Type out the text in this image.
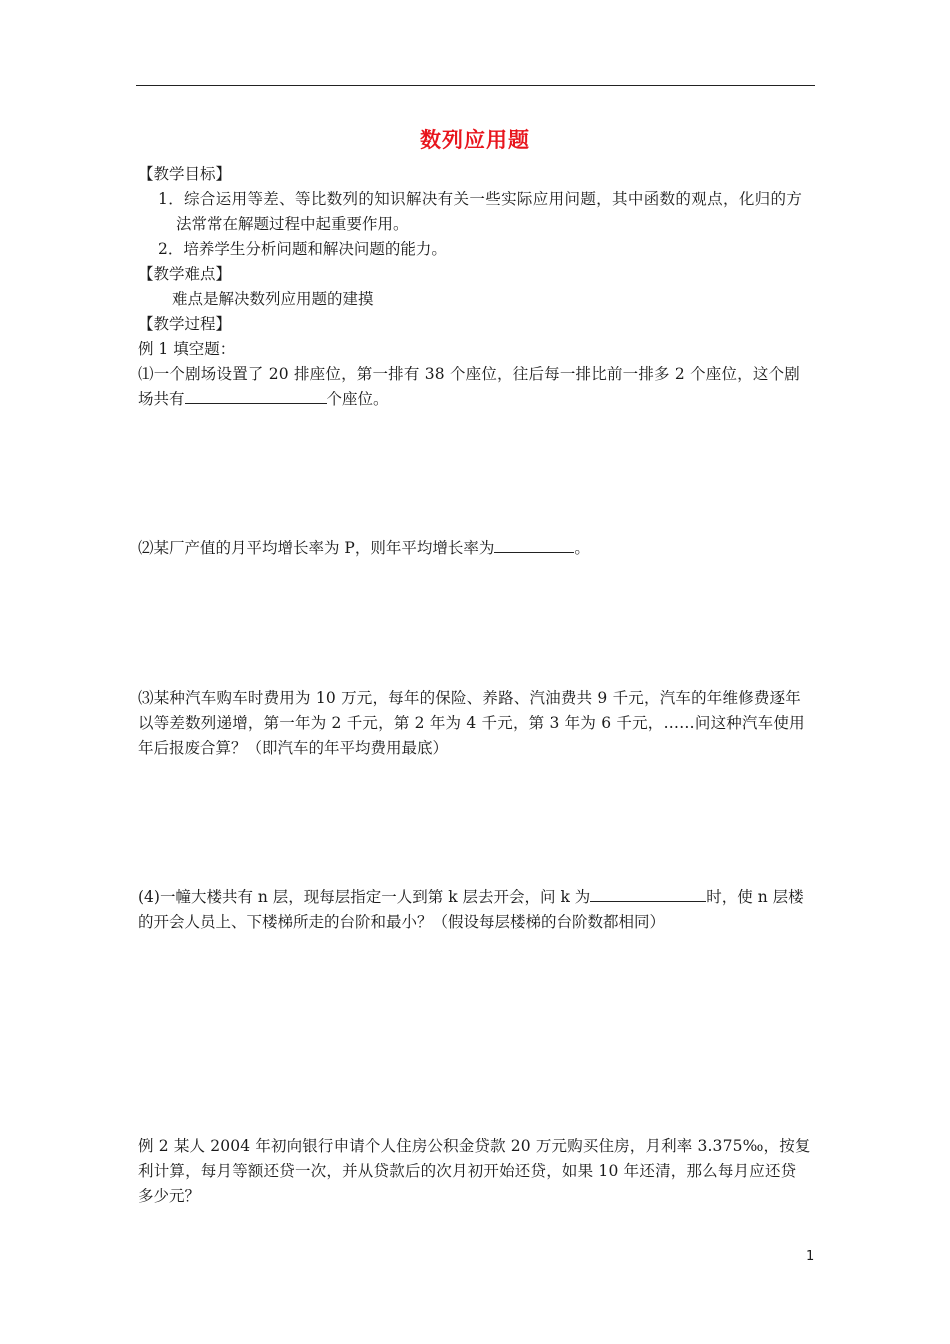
数列应用题
【教学目标】
1．综合运用等差、等比数列的知识解决有关一些实际应用问题，其中函数的观点，化归的方
法常常在解题过程中起重要作用。
2．培养学生分析问题和解决问题的能力。
【教学难点】
难点是解决数列应用题的建摸
【教学过程】
例 1 填空题：
⑴一个剧场设置了 20 排座位，第一排有 38 个座位，往后每一排比前一排多 2 个座位，这个剧
场共有	个座位。
⑵某厂产值的月平均增长率为 P，则年平均增长率为	。
⑶某种汽车购车时费用为 10 万元，每年的保险、养路、汽油费共 9 千元，汽车的年维修费逐年
以等差数列递增，第一年为 2 千元，第 2 年为 4 千元，第 3 年为 6 千元，……问这种汽车使用
年后报废合算？（即汽车的年平均费用最底）
(4)一幢大楼共有 n 层，现每层指定一人到第 k 层去开会，问 k 为	时，使 n 层楼
的开会人员上、下楼梯所走的台阶和最小？（假设每层楼梯的台阶数都相同）
例 2 某人 2004 年初向银行申请个人住房公积金贷款 20 万元购买住房，月利率 3.375‰，按复
利计算，每月等额还贷一次，并从贷款后的次月初开始还贷，如果 10 年还清，那么每月应还贷
多少元？
1
